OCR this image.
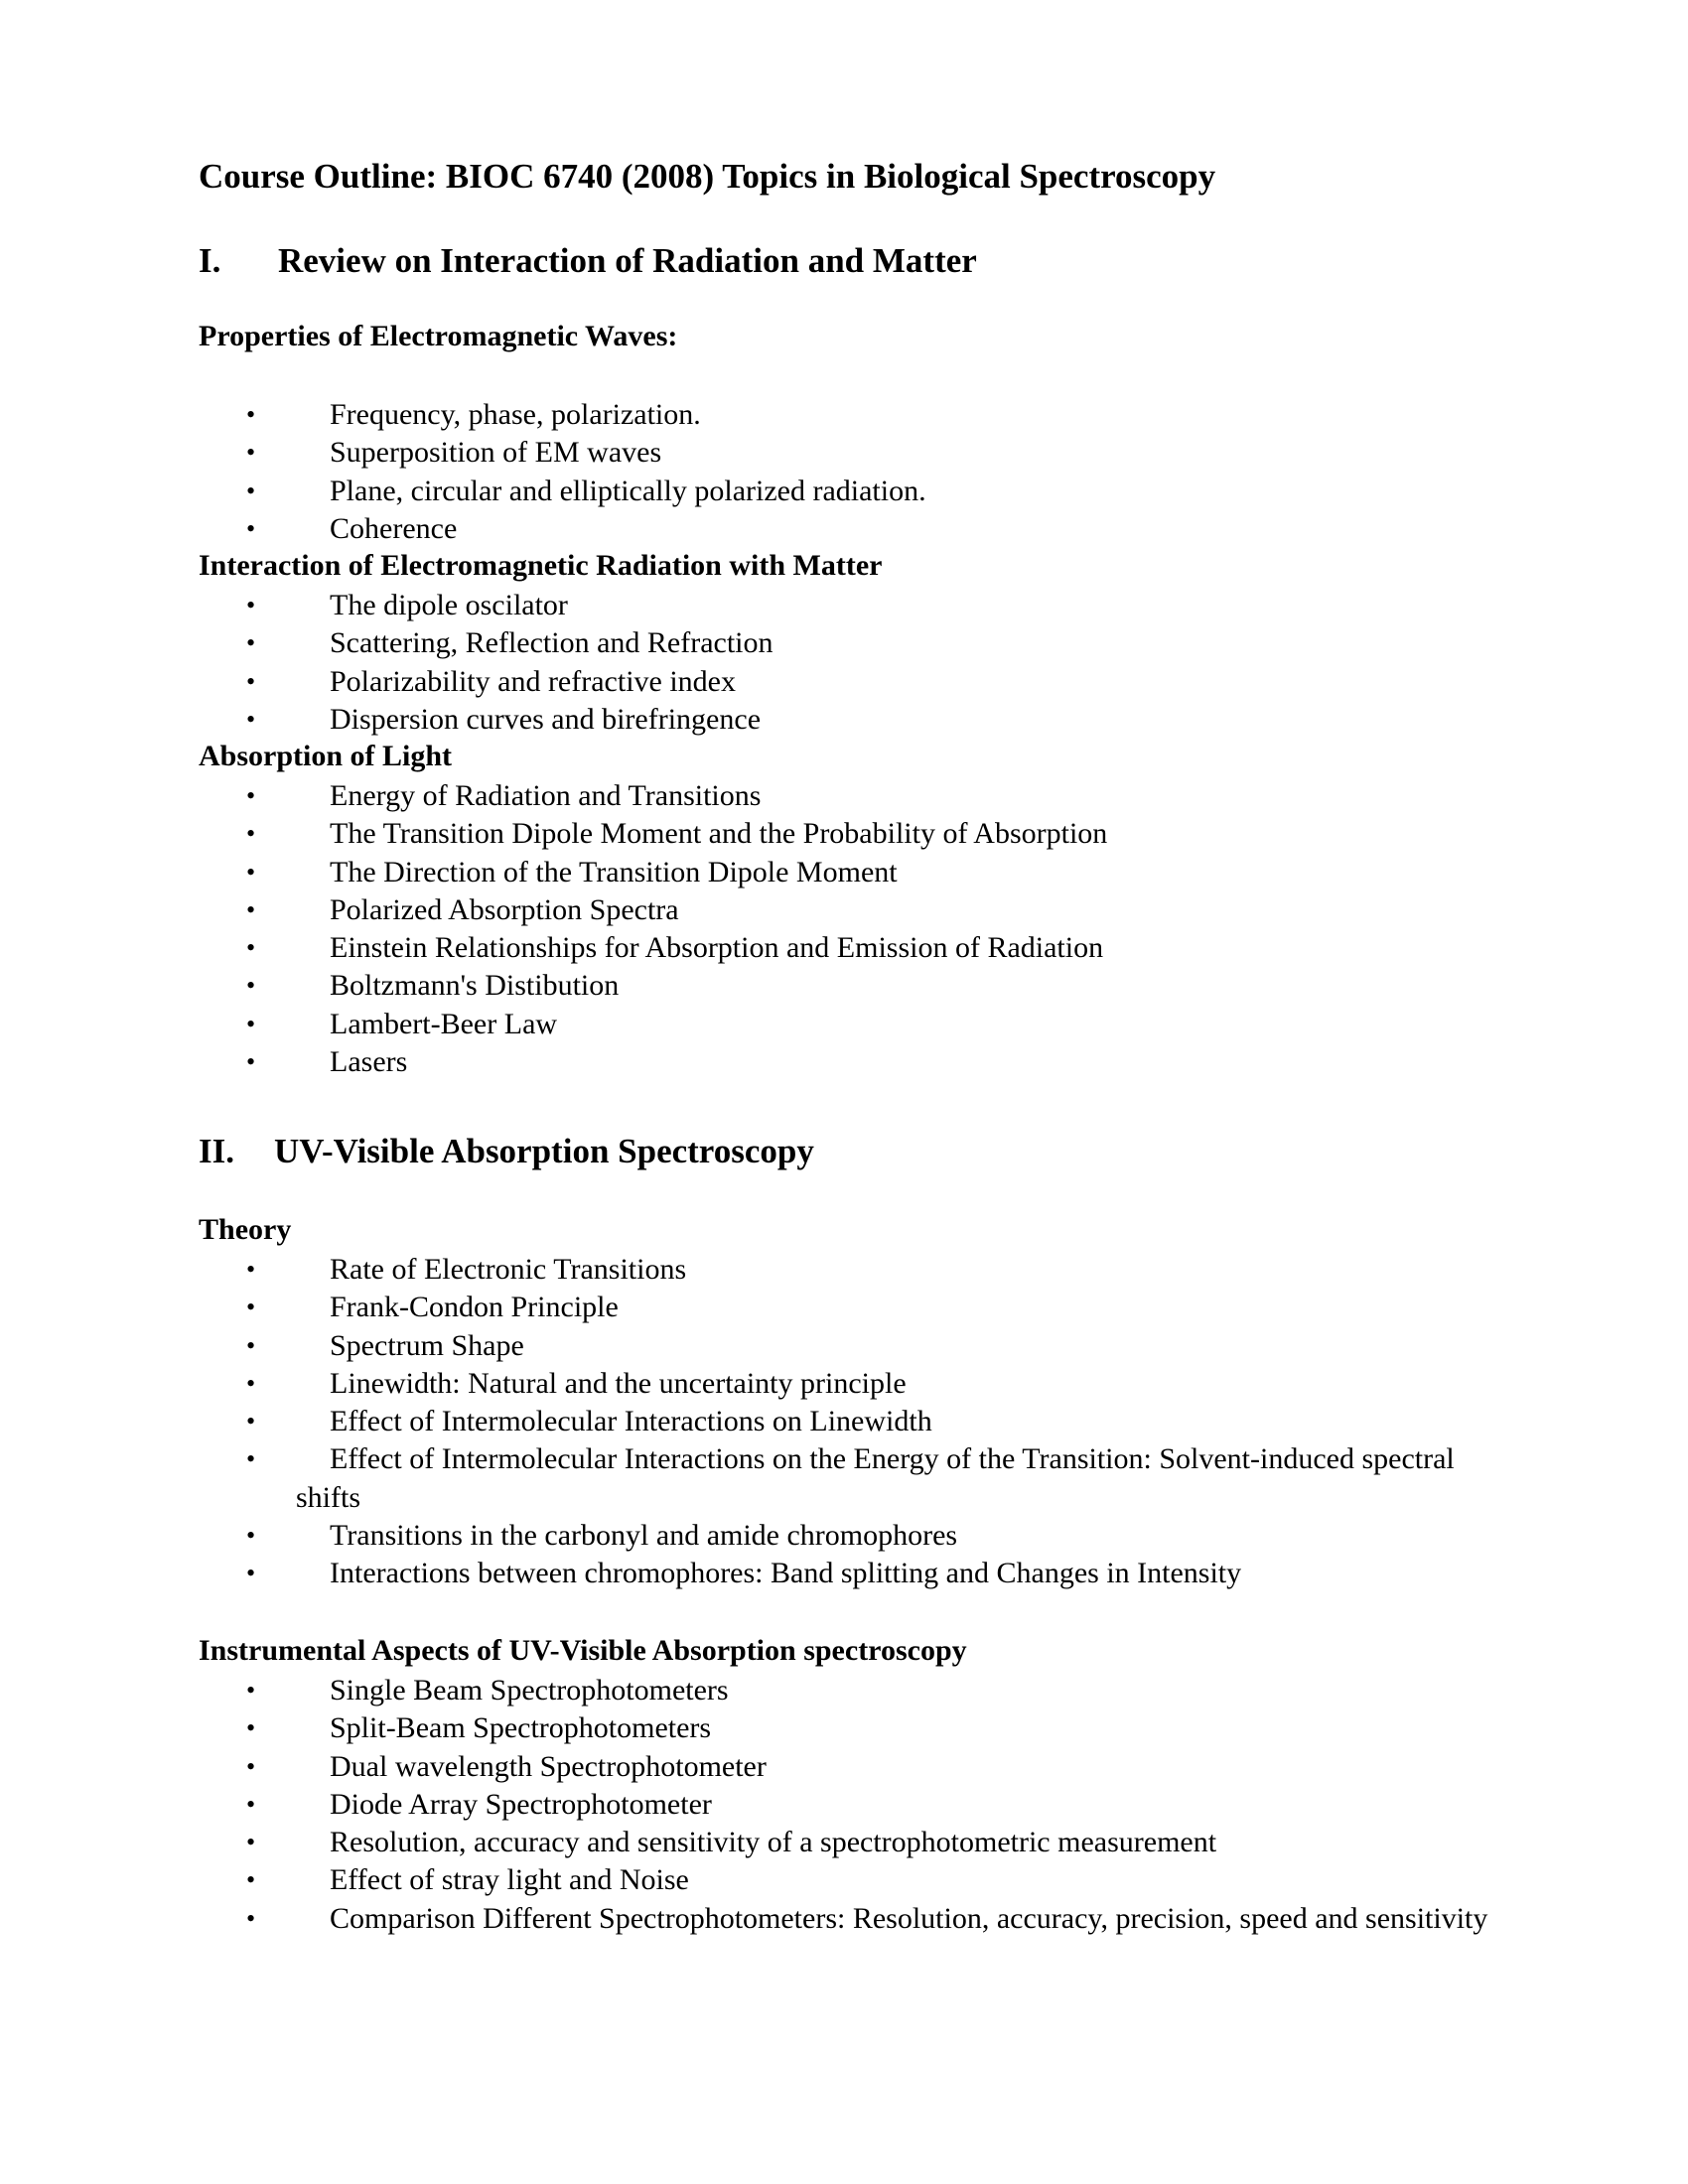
Course Outline: BIOC 6740 (2008) Topics in Biological Spectroscopy
I. Review on Interaction of Radiation and Matter
Properties of Electromagnetic Waves:
• Frequency, phase, polarization.
• Superposition of EM waves
• Plane, circular and elliptically polarized radiation.
• Coherence
Interaction of Electromagnetic Radiation with Matter
• The dipole oscilator
• Scattering, Reflection and Refraction
• Polarizability and refractive index
• Dispersion curves and birefringence
Absorption of Light
• Energy of Radiation and Transitions
• The Transition Dipole Moment and the Probability of Absorption
• The Direction of the Transition Dipole Moment
• Polarized Absorption Spectra
• Einstein Relationships for Absorption and Emission of Radiation
• Boltzmann's Distibution
• Lambert-Beer Law
• Lasers
II. UV-Visible Absorption Spectroscopy
Theory
• Rate of Electronic Transitions
• Frank-Condon Principle
• Spectrum Shape
• Linewidth: Natural and the uncertainty principle
• Effect of Intermolecular Interactions on Linewidth
• Effect of Intermolecular Interactions on the Energy of the Transition: Solvent-induced spectral shifts
• Transitions in the carbonyl and amide chromophores
• Interactions between chromophores: Band splitting and Changes in Intensity
Instrumental Aspects of UV-Visible Absorption spectroscopy
• Single Beam Spectrophotometers
• Split-Beam Spectrophotometers
• Dual wavelength Spectrophotometer
• Diode Array Spectrophotometer
• Resolution, accuracy and sensitivity of a spectrophotometric measurement
• Effect of stray light and Noise
• Comparison Different Spectrophotometers: Resolution, accuracy, precision, speed and sensitivity
